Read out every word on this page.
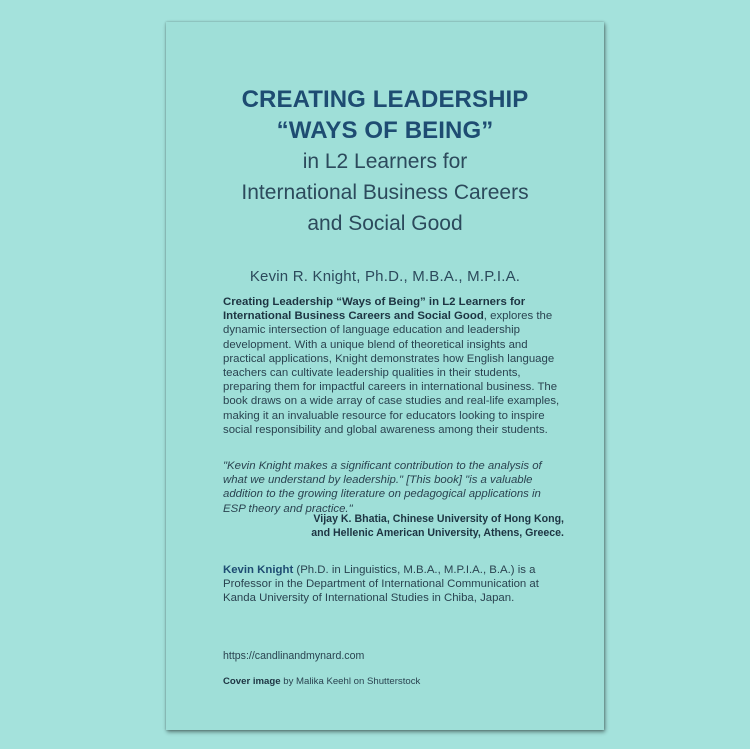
CREATING LEADERSHIP
“WAYS OF BEING”
in L2 Learners for
International Business Careers
and Social Good
Kevin R. Knight, Ph.D., M.B.A., M.P.I.A.
Creating Leadership “Ways of Being” in L2 Learners for International Business Careers and Social Good, explores the dynamic intersection of language education and leadership development. With a unique blend of theoretical insights and practical applications, Knight demonstrates how English language teachers can cultivate leadership qualities in their students, preparing them for impactful careers in international business. The book draws on a wide array of case studies and real-life examples, making it an invaluable resource for educators looking to inspire social responsibility and global awareness among their students.
"Kevin Knight makes a significant contribution to the analysis of what we understand by leadership." [This book] "is a valuable addition to the growing literature on pedagogical applications in ESP theory and practice."
Vijay K. Bhatia, Chinese University of Hong Kong,
and Hellenic American University, Athens, Greece.
Kevin Knight (Ph.D. in Linguistics, M.B.A., M.P.I.A., B.A.) is a Professor in the Department of International Communication at Kanda University of International Studies in Chiba, Japan.
https://candlinandmynard.com
Cover image by Malika Keehl on Shutterstock
